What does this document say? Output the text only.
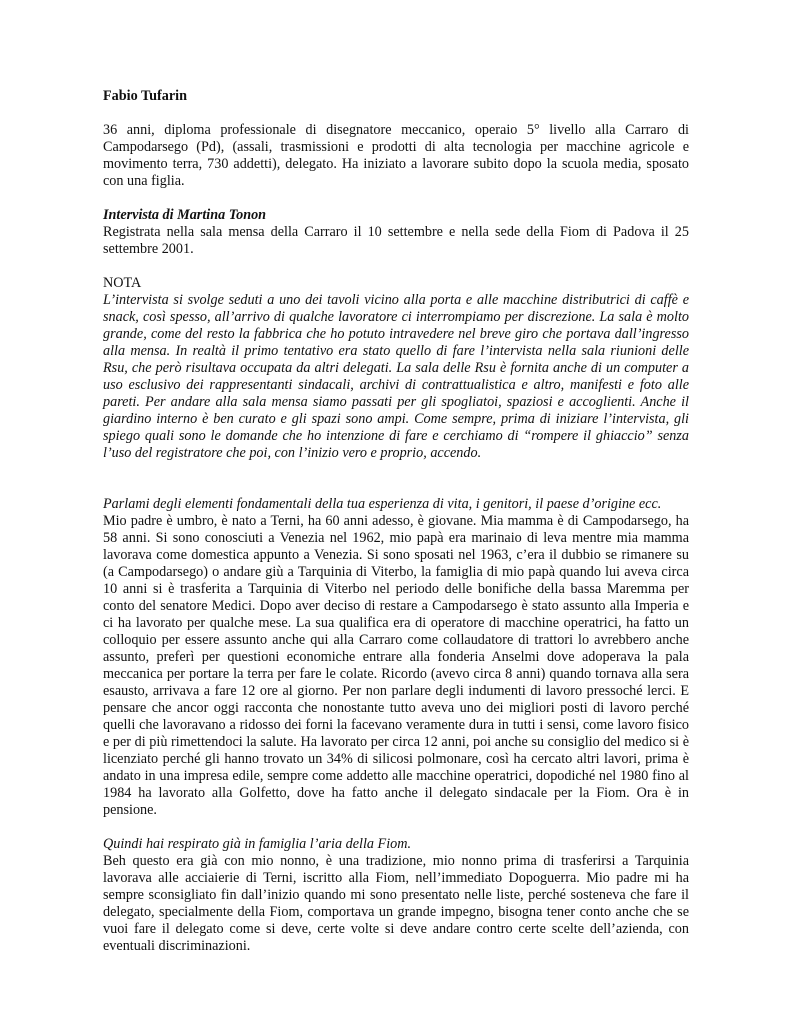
Fabio Tufarin

36 anni, diploma professionale di disegnatore meccanico, operaio 5° livello alla Carraro di Campodarsego (Pd), (assali, trasmissioni e prodotti di alta tecnologia per macchine agricole e movimento terra, 730 addetti), delegato. Ha iniziato a lavorare subito dopo la scuola media, sposato con una figlia.

Intervista di Martina Tonon

Registrata nella sala mensa della Carraro il 10 settembre e nella sede della Fiom di Padova il 25 settembre 2001.

NOTA

L’intervista si svolge seduti a uno dei tavoli vicino alla porta e alle macchine distributrici di caffè e snack, così spesso, all’arrivo di qualche lavoratore ci interrompiamo per discrezione. La sala è molto grande, come del resto la fabbrica che ho potuto intravedere nel breve giro che portava dall’ingresso alla mensa. In realtà il primo tentativo era stato quello di fare l’intervista nella sala riunioni delle Rsu, che però risultava occupata da altri delegati. La sala delle Rsu è fornita anche di un computer a uso esclusivo dei rappresentanti sindacali, archivi di contrattualistica e altro, manifesti e foto alle pareti. Per andare alla sala mensa siamo passati per gli spogliatoi, spaziosi e accoglienti. Anche il giardino interno è ben curato e gli spazi sono ampi. Come sempre, prima di iniziare l’intervista, gli spiego quali sono le domande che ho intenzione di fare e cerchiamo di “rompere il ghiaccio” senza l’uso del registratore che poi, con l’inizio vero e proprio, accendo.

Parlami degli elementi fondamentali della tua esperienza di vita, i genitori, il paese d’origine ecc.

Mio padre è umbro, è nato a Terni, ha 60 anni adesso, è giovane. Mia mamma è di Campodarsego, ha 58 anni. Si sono conosciuti a Venezia nel 1962, mio papà era marinaio di leva mentre mia mamma lavorava come domestica appunto a Venezia. Si sono sposati nel 1963, c’era il dubbio se rimanere su (a Campodarsego) o andare giù a Tarquinia di Viterbo, la famiglia di mio papà quando lui aveva circa 10 anni si è trasferita a Tarquinia di Viterbo nel periodo delle bonifiche della bassa Maremma per conto del senatore Medici. Dopo aver deciso di restare a Campodarsego è stato assunto alla Imperia e ci ha lavorato per qualche mese. La sua qualifica era di operatore di macchine operatrici, ha fatto un colloquio per essere assunto anche qui alla Carraro come collaudatore di trattori lo avrebbero anche assunto, preferì per questioni economiche entrare alla fonderia Anselmi dove adoperava la pala meccanica per portare la terra per fare le colate. Ricordo (avevo circa 8 anni) quando tornava alla sera esausto, arrivava a fare 12 ore al giorno. Per non parlare degli indumenti di lavoro pressoché lerci. E pensare che ancor oggi racconta che nonostante tutto aveva uno dei migliori posti di lavoro perché quelli che lavoravano a ridosso dei forni la facevano veramente dura in tutti i sensi, come lavoro fisico e per di più rimettendoci la salute. Ha lavorato per circa 12 anni, poi anche su consiglio del medico si è licenziato perché gli hanno trovato un 34% di silicosi polmonare, così ha cercato altri lavori, prima è andato in una impresa edile, sempre come addetto alle macchine operatrici, dopodiché nel 1980 fino al 1984 ha lavorato alla Golfetto, dove ha fatto anche il delegato sindacale per la Fiom. Ora è in pensione.

Quindi hai respirato già in famiglia l’aria della Fiom.

Beh questo era già con mio nonno, è una tradizione, mio nonno prima di trasferirsi a Tarquinia lavorava alle acciaierie di Terni, iscritto alla Fiom, nell’immediato Dopoguerra. Mio padre mi ha sempre sconsigliato fin dall’inizio quando mi sono presentato nelle liste, perché sosteneva che fare il delegato, specialmente della Fiom, comportava un grande impegno, bisogna tener conto anche che se vuoi fare il delegato come si deve, certe volte si deve andare contro certe scelte dell’azienda, con eventuali discriminazioni.
